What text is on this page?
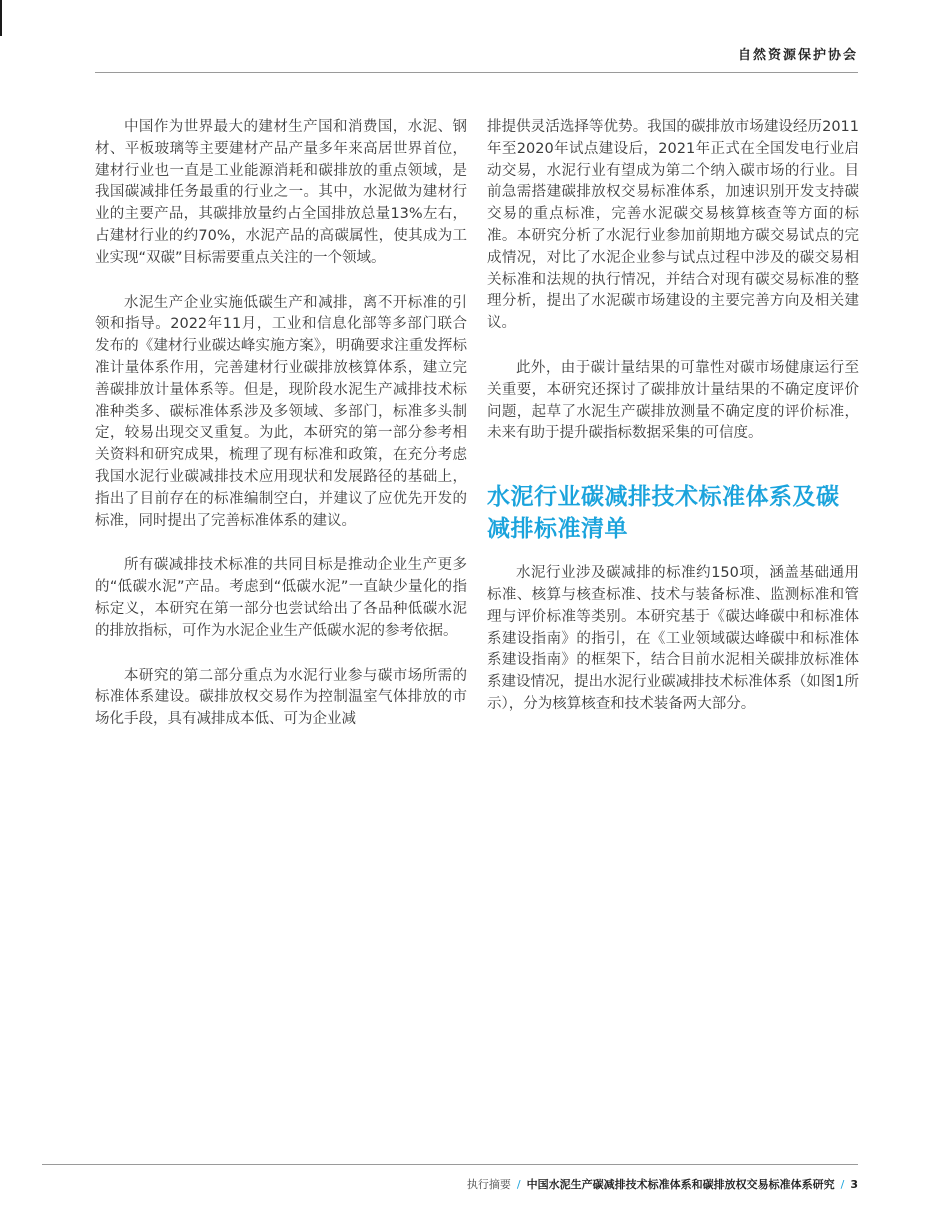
自然资源保护协会

中国作为世界最大的建材生产国和消费国，水泥、钢材、平板玻璃等主要建材产品产量多年来高居世界首位，建材行业也一直是工业能源消耗和碳排放的重点领域，是我国碳减排任务最重的行业之一。其中，水泥做为建材行业的主要产品，其碳排放量约占全国排放总量13%左右，占建材行业的约70%，水泥产品的高碳属性，使其成为工业实现“双碳”目标需要重点关注的一个领域。

水泥生产企业实施低碳生产和减排，离不开标准的引领和指导。2022年11月，工业和信息化部等多部门联合发布的《建材行业碳达峰实施方案》，明确要求注重发挥标准计量体系作用，完善建材行业碳排放核算体系，建立完善碳排放计量体系等。但是，现阶段水泥生产减排技术标准种类多、碳标准体系涉及多领域、多部门，标准多头制定，较易出现交叉重复。为此，本研究的第一部分参考相关资料和研究成果，梳理了现有标准和政策，在充分考虑我国水泥行业碳减排技术应用现状和发展路径的基础上，指出了目前存在的标准编制空白，并建议了应优先开发的标准，同时提出了完善标准体系的建议。

所有碳减排技术标准的共同目标是推动企业生产更多的“低碳水泥”产品。考虑到“低碳水泥”一直缺少量化的指标定义，本研究在第一部分也尝试给出了各品种低碳水泥的排放指标，可作为水泥企业生产低碳水泥的参考依据。

本研究的第二部分重点为水泥行业参与碳市场所需的标准体系建设。碳排放权交易作为控制温室气体排放的市场化手段，具有减排成本低、可为企业减

排提供灵活选择等优势。我国的碳排放市场建设经历2011年至2020年试点建设后，2021年正式在全国发电行业启动交易，水泥行业有望成为第二个纳入碳市场的行业。目前急需搭建碳排放权交易标准体系，加速识别开发支持碳交易的重点标准，完善水泥碳交易核算核查等方面的标准。本研究分析了水泥行业参加前期地方碳交易试点的完成情况，对比了水泥企业参与试点过程中涉及的碳交易相关标准和法规的执行情况，并结合对现有碳交易标准的整理分析，提出了水泥碳市场建设的主要完善方向及相关建议。

此外，由于碳计量结果的可靠性对碳市场健康运行至关重要，本研究还探讨了碳排放计量结果的不确定度评价问题，起草了水泥生产碳排放测量不确定度的评价标准，未来有助于提升碳指标数据采集的可信度。

水泥行业碳减排技术标准体系及碳减排标准清单

水泥行业涉及碳减排的标准约150项，涵盖基础通用标准、核算与核查标准、技术与装备标准、监测标准和管理与评价标准等类别。本研究基于《碳达峰碳中和标准体系建设指南》的指引，在《工业领域碳达峰碳中和标准体系建设指南》的框架下，结合目前水泥相关碳排放标准体系建设情况，提出水泥行业碳减排技术标准体系（如图1所示），分为核算核查和技术装备两大部分。

执行摘要 / 中国水泥生产碳减排技术标准体系和碳排放权交易标准体系研究 / 3
